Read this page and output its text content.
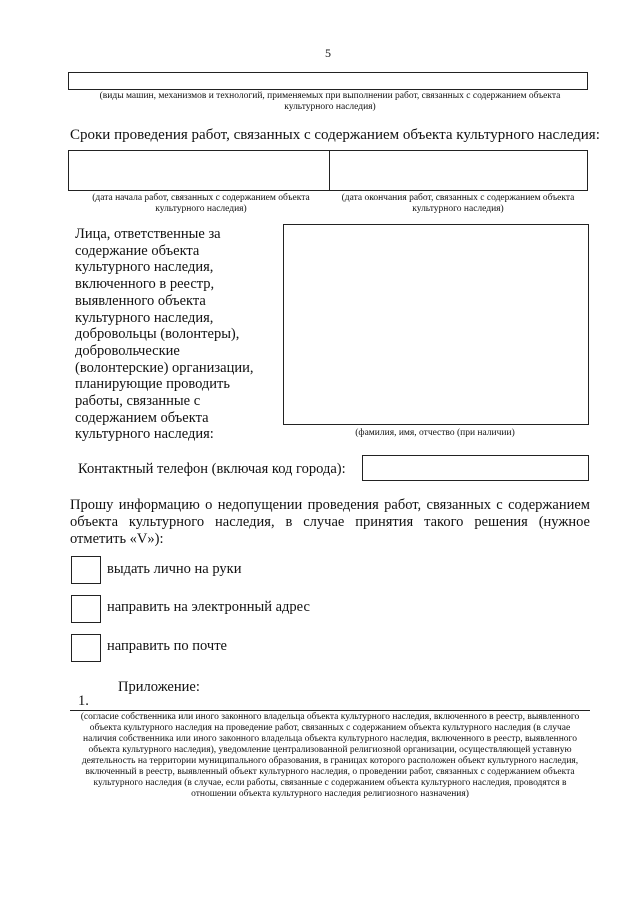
5
(виды машин, механизмов и технологий, применяемых при выполнении работ, связанных с содержанием объекта культурного наследия)
Сроки проведения работ, связанных с содержанием объекта культурного наследия:
(дата начала работ, связанных с содержанием объекта культурного наследия)
(дата окончания работ, связанных с содержанием объекта культурного наследия)
Лица, ответственные за содержание объекта культурного наследия, включенного в реестр, выявленного объекта культурного наследия, добровольцы (волонтеры), добровольческие (волонтерские) организации, планирующие проводить работы, связанные с содержанием объекта культурного наследия:	(фамилия, имя, отчество (при наличии)
Контактный телефон (включая код города):
Прошу информацию о недопущении проведения работ, связанных с содержанием объекта культурного наследия, в случае принятия такого решения (нужное отметить «V»):
выдать лично на руки
направить на электронный адрес
направить по почте
Приложение:
1.
(согласие собственника или иного законного владельца объекта культурного наследия, включенного в реестр, выявленного объекта культурного наследия на проведение работ, связанных с содержанием объекта культурного наследия (в случае наличия собственника или иного законного владельца объекта культурного наследия, включенного в реестр, выявленного объекта культурного наследия), уведомление централизованной религиозной организации, осуществляющей уставную деятельность на территории муниципального образования, в границах которого расположен объект культурного наследия, включенный в реестр, выявленный объект культурного наследия, о проведении работ, связанных с содержанием объекта культурного наследия (в случае, если работы, связанные с содержанием объекта культурного наследия, проводятся в отношении объекта культурного наследия религиозного назначения)
